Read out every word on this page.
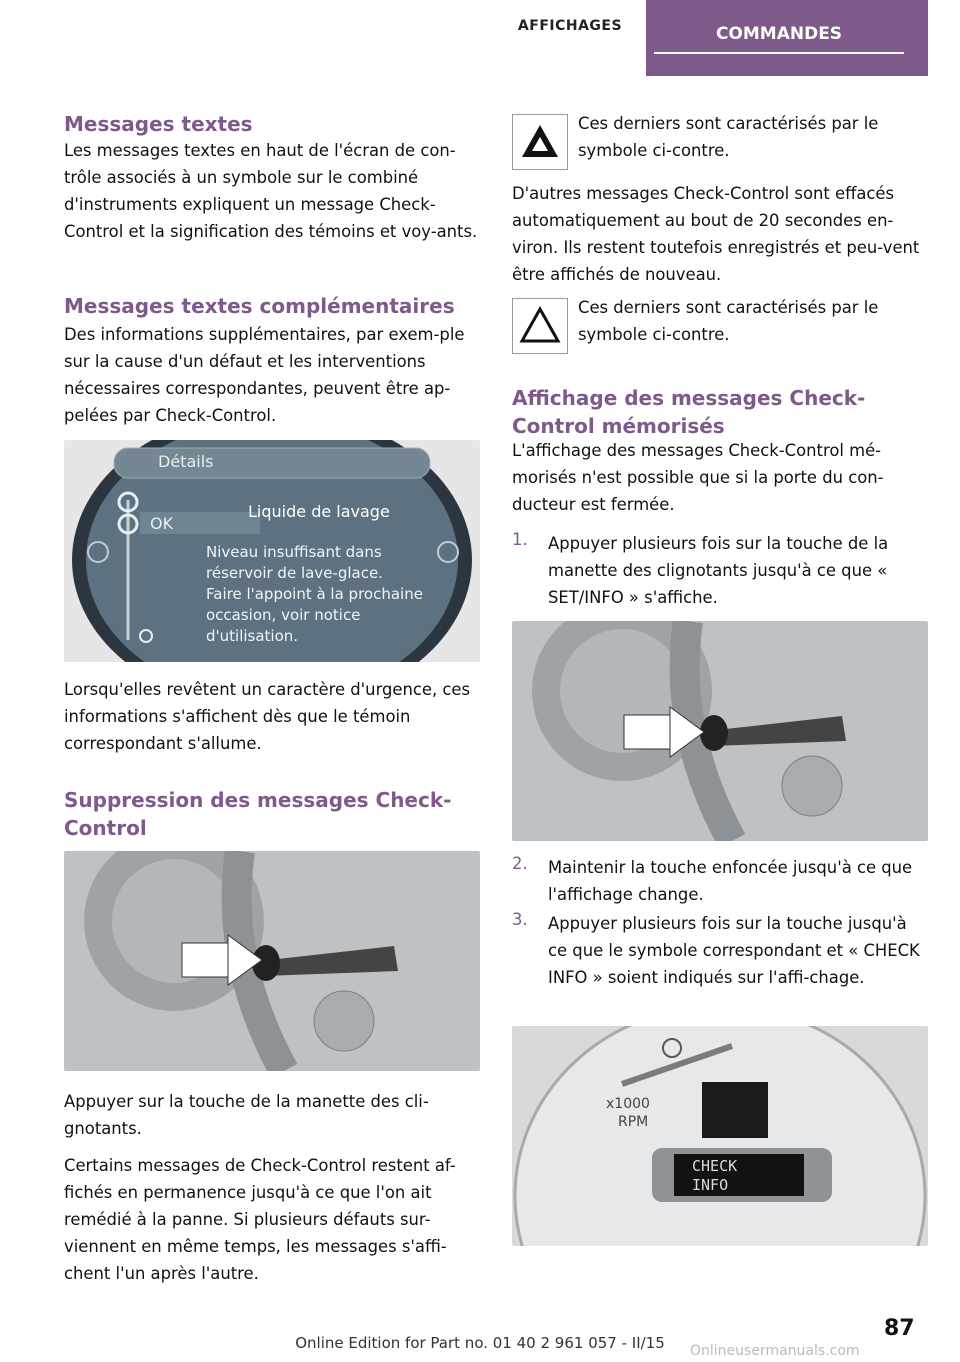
AFFICHAGES	COMMANDES
Messages textes

Les messages textes en haut de l'écran de con-trôle associés à un symbole sur le combiné d'instruments expliquent un message Check-Control et la signification des témoins et voy-ants.

Messages textes complémentaires

Des informations supplémentaires, par exem-ple sur la cause d'un défaut et les interventions nécessaires correspondantes, peuvent être ap-pelées par Check-Control.

Détails
OK
Liquide de lavage
Niveau insuffisant dans
réservoir de lave-glace.
Faire l'appoint à la prochaine
occasion, voir notice
d'utilisation.

Lorsqu'elles revêtent un caractère d'urgence, ces informations s'affichent dès que le témoin correspondant s'allume.

Suppression des messages Check-Control

Appuyer sur la touche de la manette des cli-gnotants.

Certains messages de Check-Control restent af-fichés en permanence jusqu'à ce que l'on ait remédié à la panne. Si plusieurs défauts sur-viennent en même temps, les messages s'affi-chent l'un après l'autre.

Ces derniers sont caractérisés par le symbole ci-contre.

D'autres messages Check-Control sont effacés automatiquement au bout de 20 secondes en-viron. Ils restent toutefois enregistrés et peu-vent être affichés de nouveau.

Ces derniers sont caractérisés par le symbole ci-contre.

Affichage des messages Check-Control mémorisés

L'affichage des messages Check-Control mé-morisés n'est possible que si la porte du con-ducteur est fermée.

1. Appuyer plusieurs fois sur la touche de la manette des clignotants jusqu'à ce que « SET/INFO » s'affiche.

2. Maintenir la touche enfoncée jusqu'à ce que l'affichage change.

3. Appuyer plusieurs fois sur la touche jusqu'à ce que le symbole correspondant et « CHECK INFO » soient indiqués sur l'affi-chage.

x1000
RPM
CHECK
INFO
87
Online Edition for Part no. 01 40 2 961 057 - II/15	Onlineusermanuals.com
